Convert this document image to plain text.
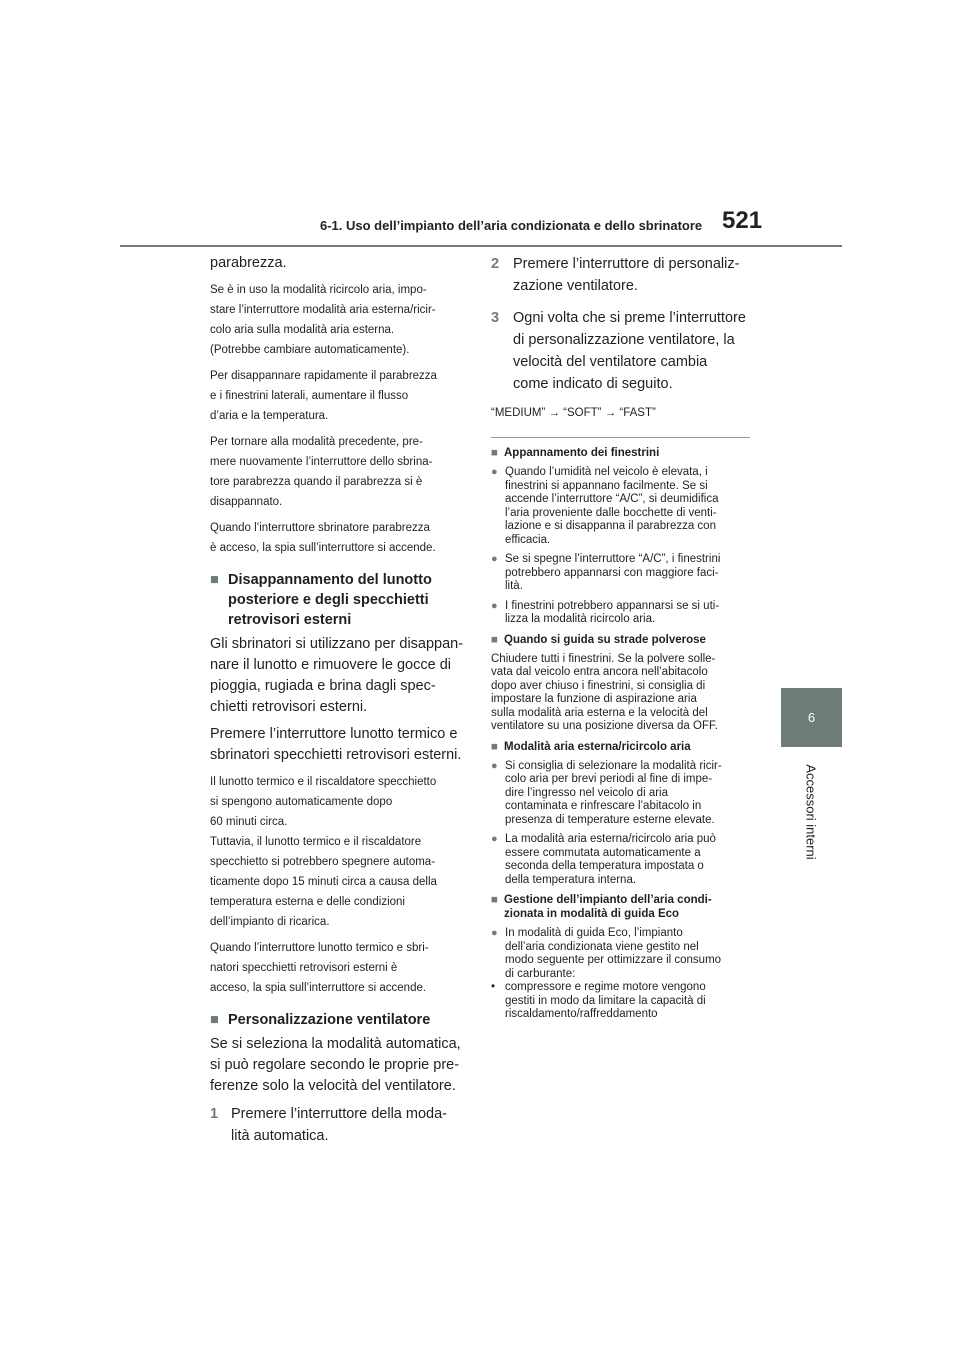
6-1. Uso dell’impianto dell’aria condizionata e dello sbrinatore 521
6
Accessori interni
parabrezza.
Se è in uso la modalità ricircolo aria, impo-
stare l’interruttore modalità aria esterna/ricir-
colo aria sulla modalità aria esterna.
(Potrebbe cambiare automaticamente).
Per disappannare rapidamente il parabrezza
e i finestrini laterali, aumentare il flusso
d’aria e la temperatura.
Per tornare alla modalità precedente, pre-
mere nuovamente l’interruttore dello sbrina-
tore parabrezza quando il parabrezza si è
disappannato.
Quando l’interruttore sbrinatore parabrezza
è acceso, la spia sull’interruttore si accende.
■ Disappannamento del lunotto
posteriore e degli specchietti
retrovisori esterni
Gli sbrinatori si utilizzano per disappan-
nare il lunotto e rimuovere le gocce di
pioggia, rugiada e brina dagli spec-
chietti retrovisori esterni.
Premere l’interruttore lunotto termico e
sbrinatori specchietti retrovisori esterni.
Il lunotto termico e il riscaldatore specchietto
si spengono automaticamente dopo
60 minuti circa.
Tuttavia, il lunotto termico e il riscaldatore
specchietto si potrebbero spegnere automa-
ticamente dopo 15 minuti circa a causa della
temperatura esterna e delle condizioni
dell’impianto di ricarica.
Quando l’interruttore lunotto termico e sbri-
natori specchietti retrovisori esterni è
acceso, la spia sull’interruttore si accende.
■ Personalizzazione ventilatore
Se si seleziona la modalità automatica,
si può regolare secondo le proprie pre-
ferenze solo la velocità del ventilatore.
1 Premere l’interruttore della moda-
lità automatica.
2 Premere l’interruttore di personaliz-
zazione ventilatore.
3 Ogni volta che si preme l’interruttore
di personalizzazione ventilatore, la
velocità del ventilatore cambia
come indicato di seguito.
“MEDIUM” → “SOFT” → “FAST”
■ Appannamento dei finestrini
● Quando l’umidità nel veicolo è elevata, i
finestrini si appannano facilmente. Se si
accende l’interruttore “A/C”, si deumidifica
l’aria proveniente dalle bocchette di venti-
lazione e si disappanna il parabrezza con
efficacia.
● Se si spegne l’interruttore “A/C”, i finestrini
potrebbero appannarsi con maggiore faci-
lità.
● I finestrini potrebbero appannarsi se si uti-
lizza la modalità ricircolo aria.
■ Quando si guida su strade polverose
Chiudere tutti i finestrini. Se la polvere solle-
vata dal veicolo entra ancora nell’abitacolo
dopo aver chiuso i finestrini, si consiglia di
impostare la funzione di aspirazione aria
sulla modalità aria esterna e la velocità del
ventilatore su una posizione diversa da OFF.
■ Modalità aria esterna/ricircolo aria
● Si consiglia di selezionare la modalità ricir-
colo aria per brevi periodi al fine di impe-
dire l’ingresso nel veicolo di aria
contaminata e rinfrescare l’abitacolo in
presenza di temperature esterne elevate.
● La modalità aria esterna/ricircolo aria può
essere commutata automaticamente a
seconda della temperatura impostata o
della temperatura interna.
■ Gestione dell’impianto dell’aria condi-
zionata in modalità di guida Eco
● In modalità di guida Eco, l’impianto
dell’aria condizionata viene gestito nel
modo seguente per ottimizzare il consumo
di carburante:
• compressore e regime motore vengono
gestiti in modo da limitare la capacità di
riscaldamento/raffreddamento
